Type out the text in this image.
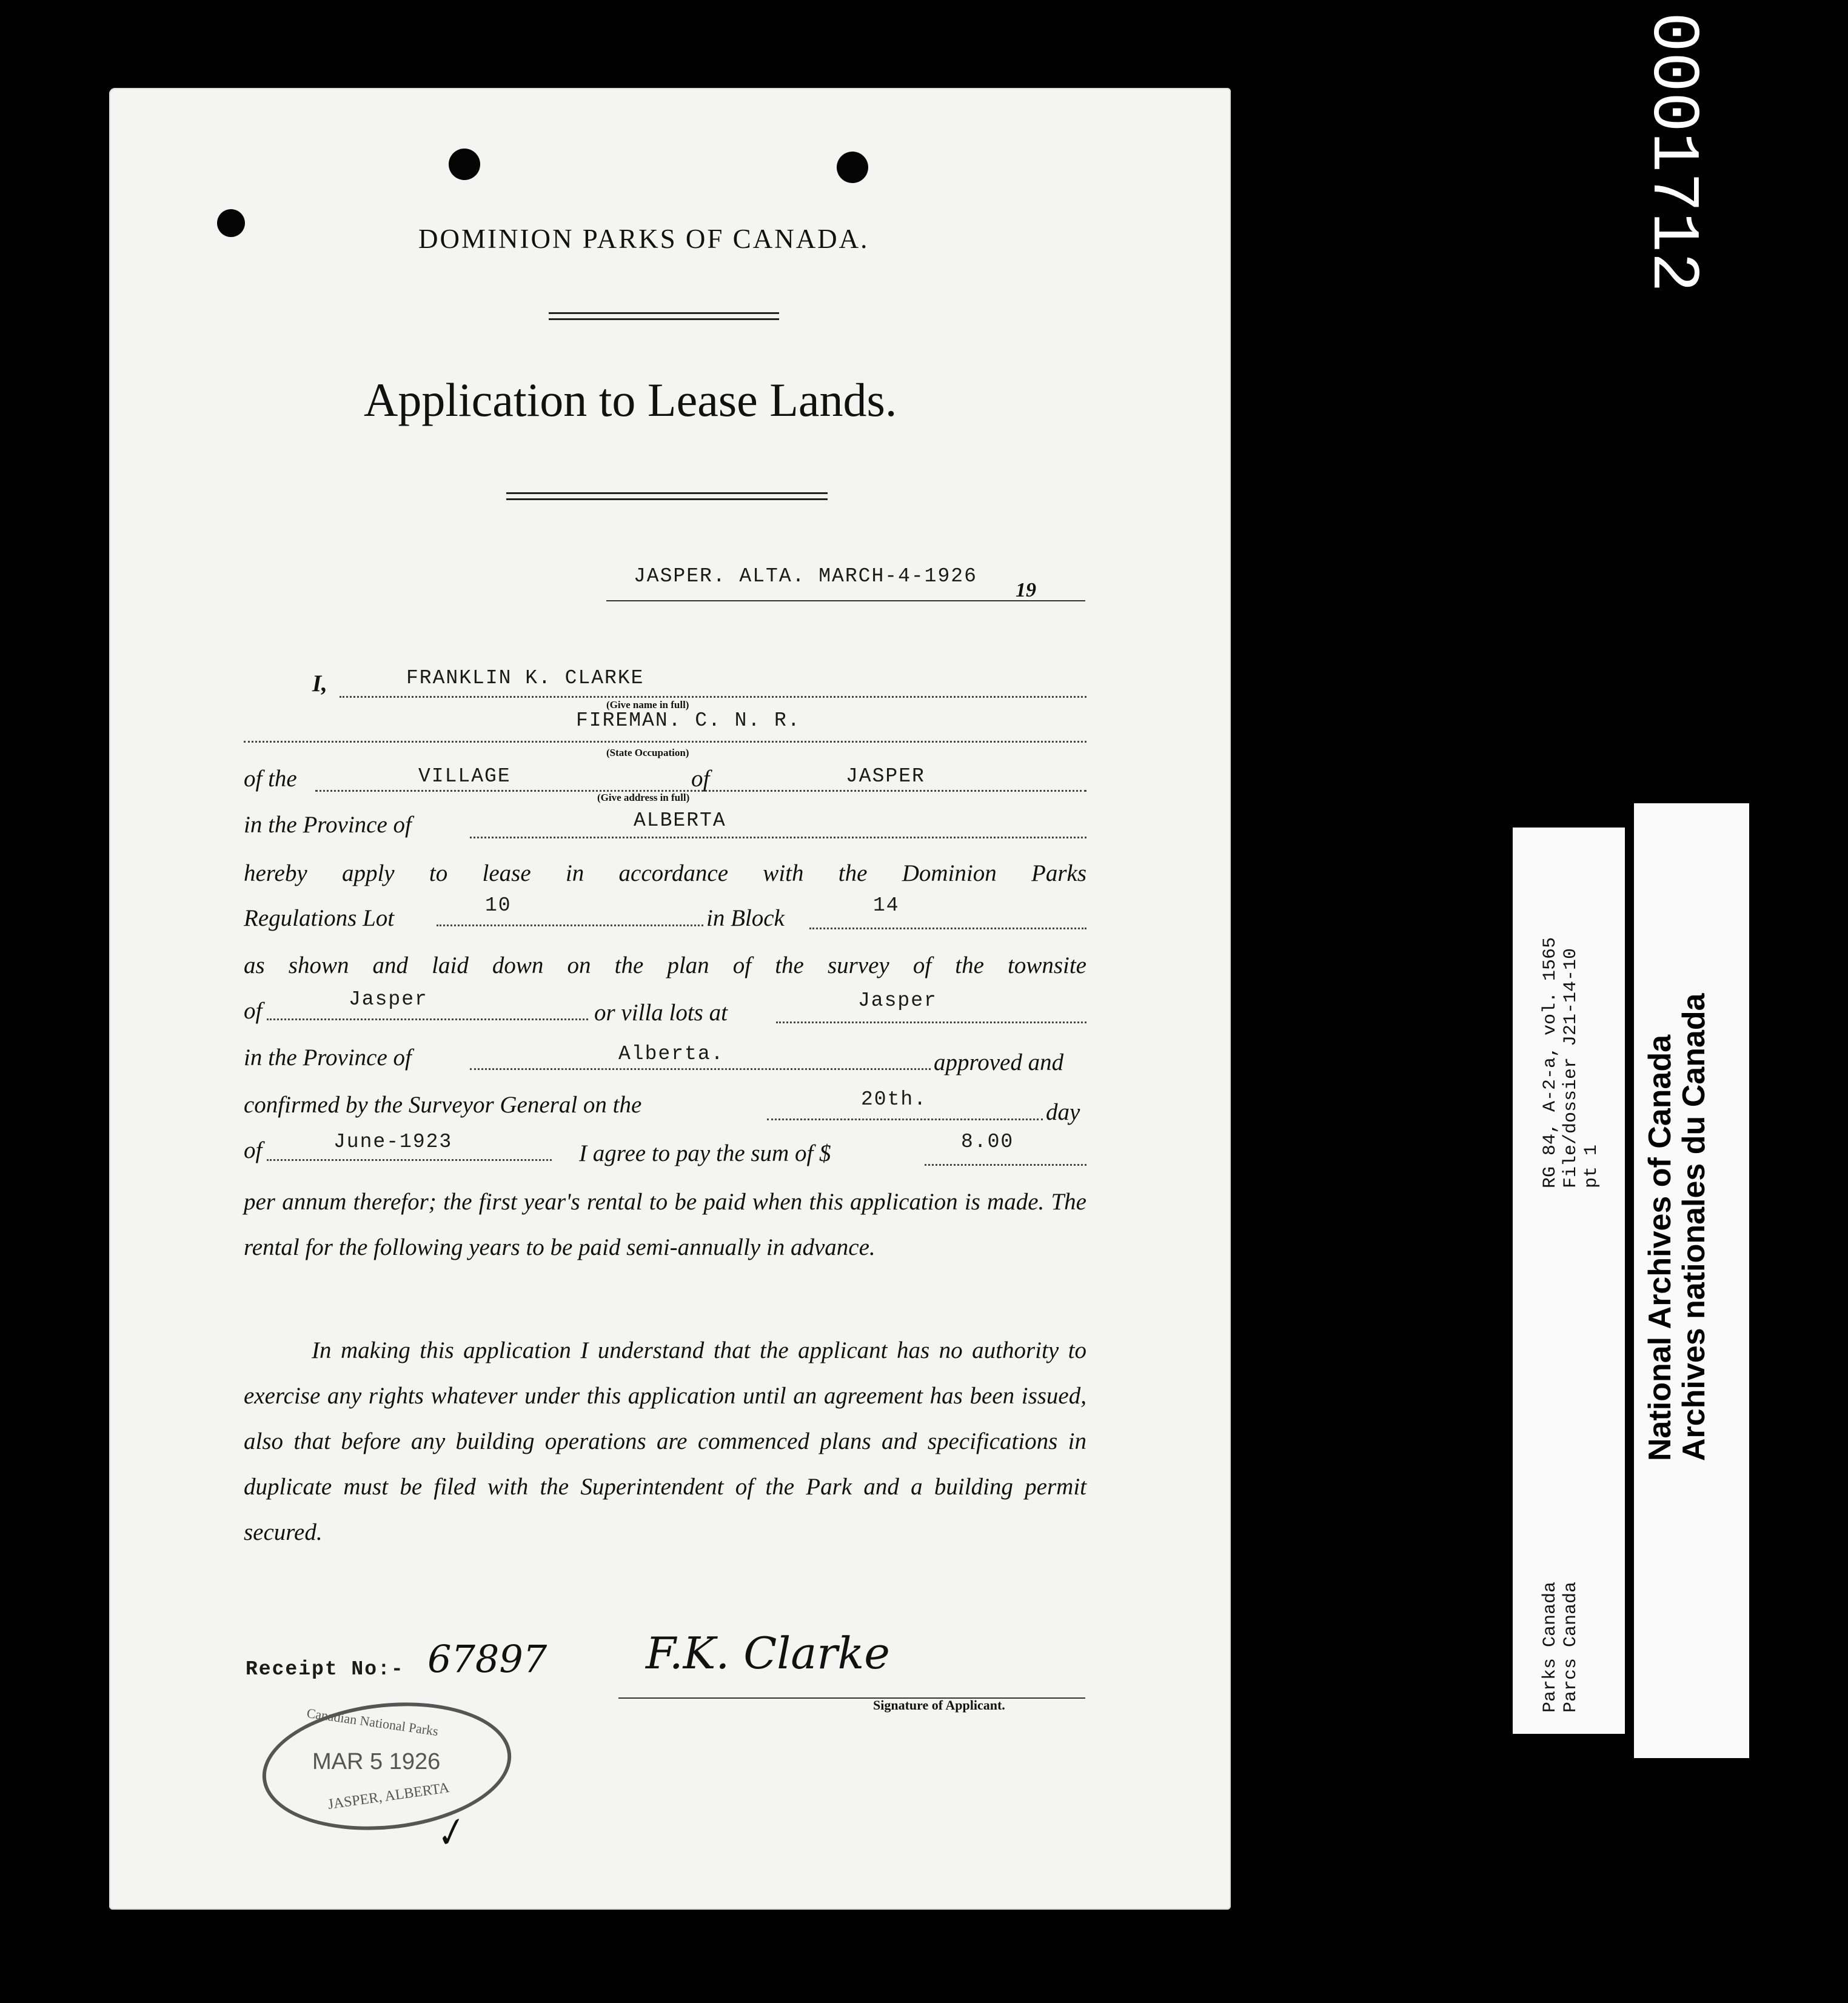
0001712
DOMINION PARKS OF CANADA.
Application to Lease Lands.
JASPER. ALTA. MARCH-4-1926
19
I,	FRANKLIN K. CLARKE
(Give name in full)
FIREMAN. C. N. R.
(State Occupation)
of the	VILLAGE	of	JASPER
(Give address in full)
in the Province of	ALBERTA
hereby apply to lease in accordance with the Dominion Parks
Regulations Lot	10	in Block	14
as shown and laid down on the plan of the survey of the townsite
of	Jasper
or villa lots at	Jasper
in the Province of	Alberta.	approved and
confirmed by the Surveyor General on the	20th.	day
of	June-1923	I agree to pay the sum of $	8.00
per annum therefor; the first year's rental to be paid when this application is made. The rental for the following years to be paid semi-annually in advance.
In making this application I understand that the applicant has no authority to exercise any rights whatever under this application until an agreement has been issued, also that before any building operations are commenced plans and specifications in duplicate must be filed with the Superintendent of the Park and a building permit secured.
Receipt No:- 67897 F.K. Clarke
Signature of Applicant.
Canadian National Parks
MAR 5 1926
JASPER, ALBERTA
✓
RG 84, A-2-a, vol. 1565 File/dossier J21-14-10 pt 1
Parks Canada Parcs Canada
National Archives of Canada
Archives nationales du Canada
